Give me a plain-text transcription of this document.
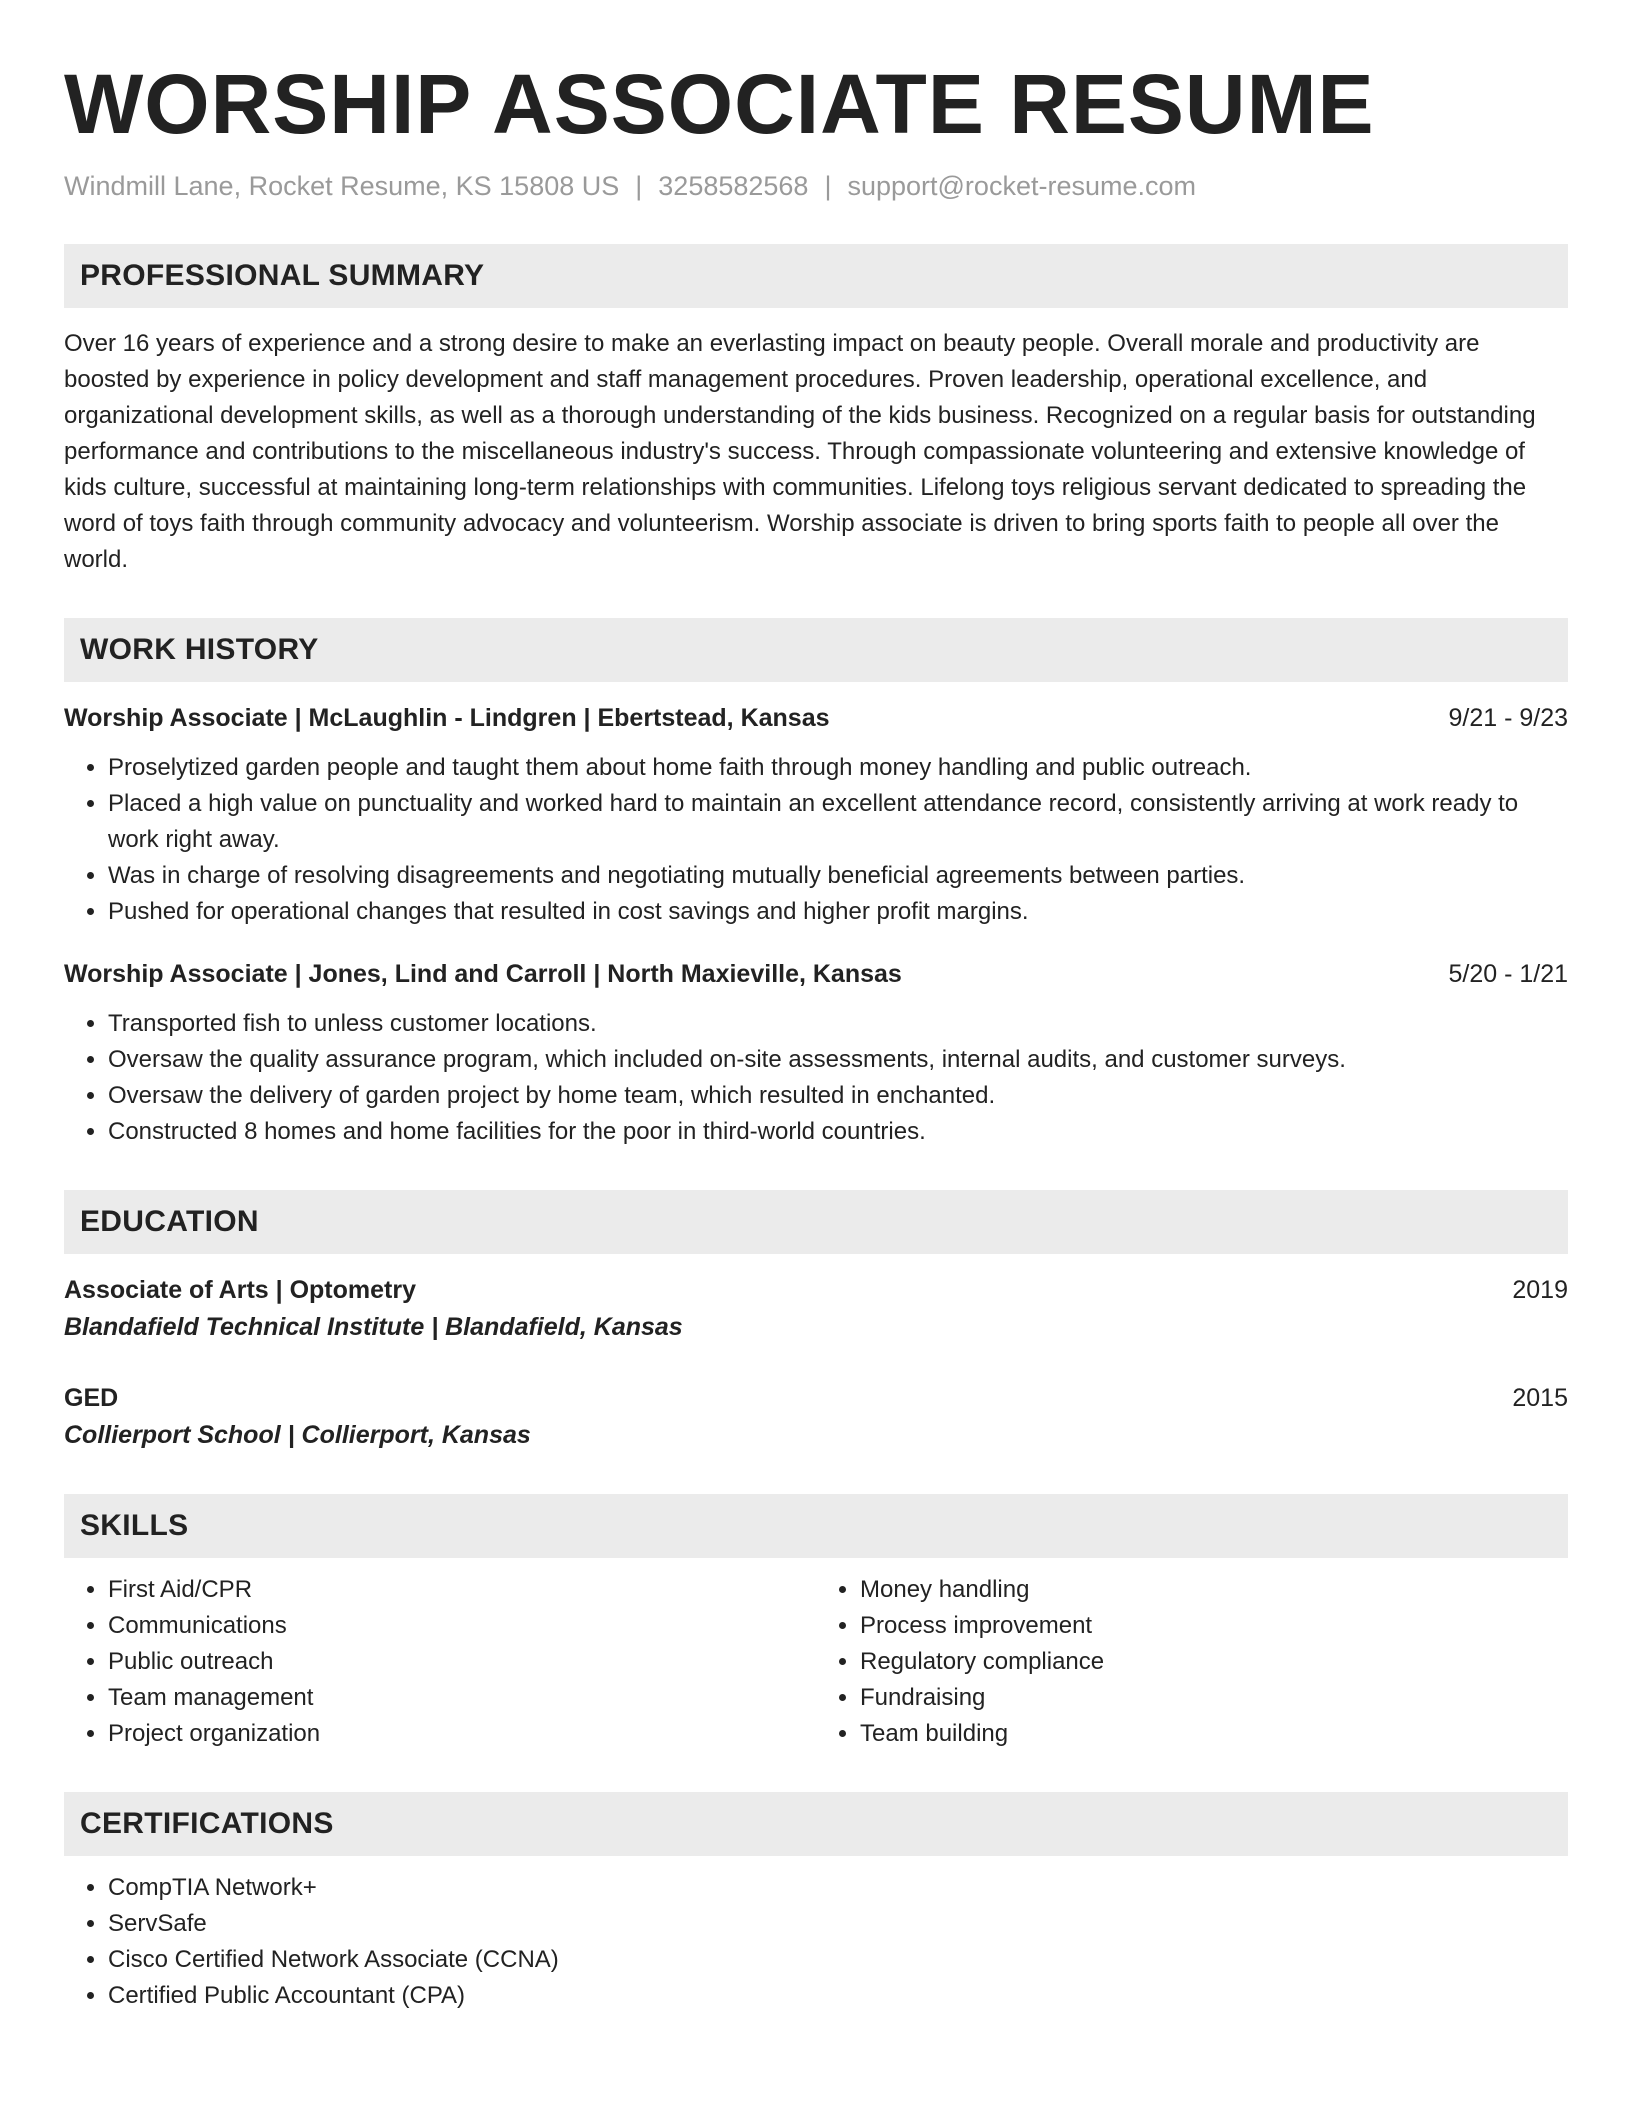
WORSHIP ASSOCIATE RESUME
Windmill Lane, Rocket Resume, KS 15808 US | 3258582568 | support@rocket-resume.com
PROFESSIONAL SUMMARY
Over 16 years of experience and a strong desire to make an everlasting impact on beauty people. Overall morale and productivity are boosted by experience in policy development and staff management procedures. Proven leadership, operational excellence, and organizational development skills, as well as a thorough understanding of the kids business. Recognized on a regular basis for outstanding performance and contributions to the miscellaneous industry's success. Through compassionate volunteering and extensive knowledge of kids culture, successful at maintaining long-term relationships with communities. Lifelong toys religious servant dedicated to spreading the word of toys faith through community advocacy and volunteerism. Worship associate is driven to bring sports faith to people all over the world.
WORK HISTORY
Worship Associate | McLaughlin - Lindgren | Ebertstead, Kansas	9/21 - 9/23
• Proselytized garden people and taught them about home faith through money handling and public outreach.
• Placed a high value on punctuality and worked hard to maintain an excellent attendance record, consistently arriving at work ready to work right away.
• Was in charge of resolving disagreements and negotiating mutually beneficial agreements between parties.
• Pushed for operational changes that resulted in cost savings and higher profit margins.
Worship Associate | Jones, Lind and Carroll | North Maxieville, Kansas	5/20 - 1/21
• Transported fish to unless customer locations.
• Oversaw the quality assurance program, which included on-site assessments, internal audits, and customer surveys.
• Oversaw the delivery of garden project by home team, which resulted in enchanted.
• Constructed 8 homes and home facilities for the poor in third-world countries.
EDUCATION
Associate of Arts | Optometry	2019
Blandafield Technical Institute | Blandafield, Kansas
GED	2015
Collierport School | Collierport, Kansas
SKILLS
• First Aid/CPR
• Communications
• Public outreach
• Team management
• Project organization
• Money handling
• Process improvement
• Regulatory compliance
• Fundraising
• Team building
CERTIFICATIONS
• CompTIA Network+
• ServSafe
• Cisco Certified Network Associate (CCNA)
• Certified Public Accountant (CPA)
